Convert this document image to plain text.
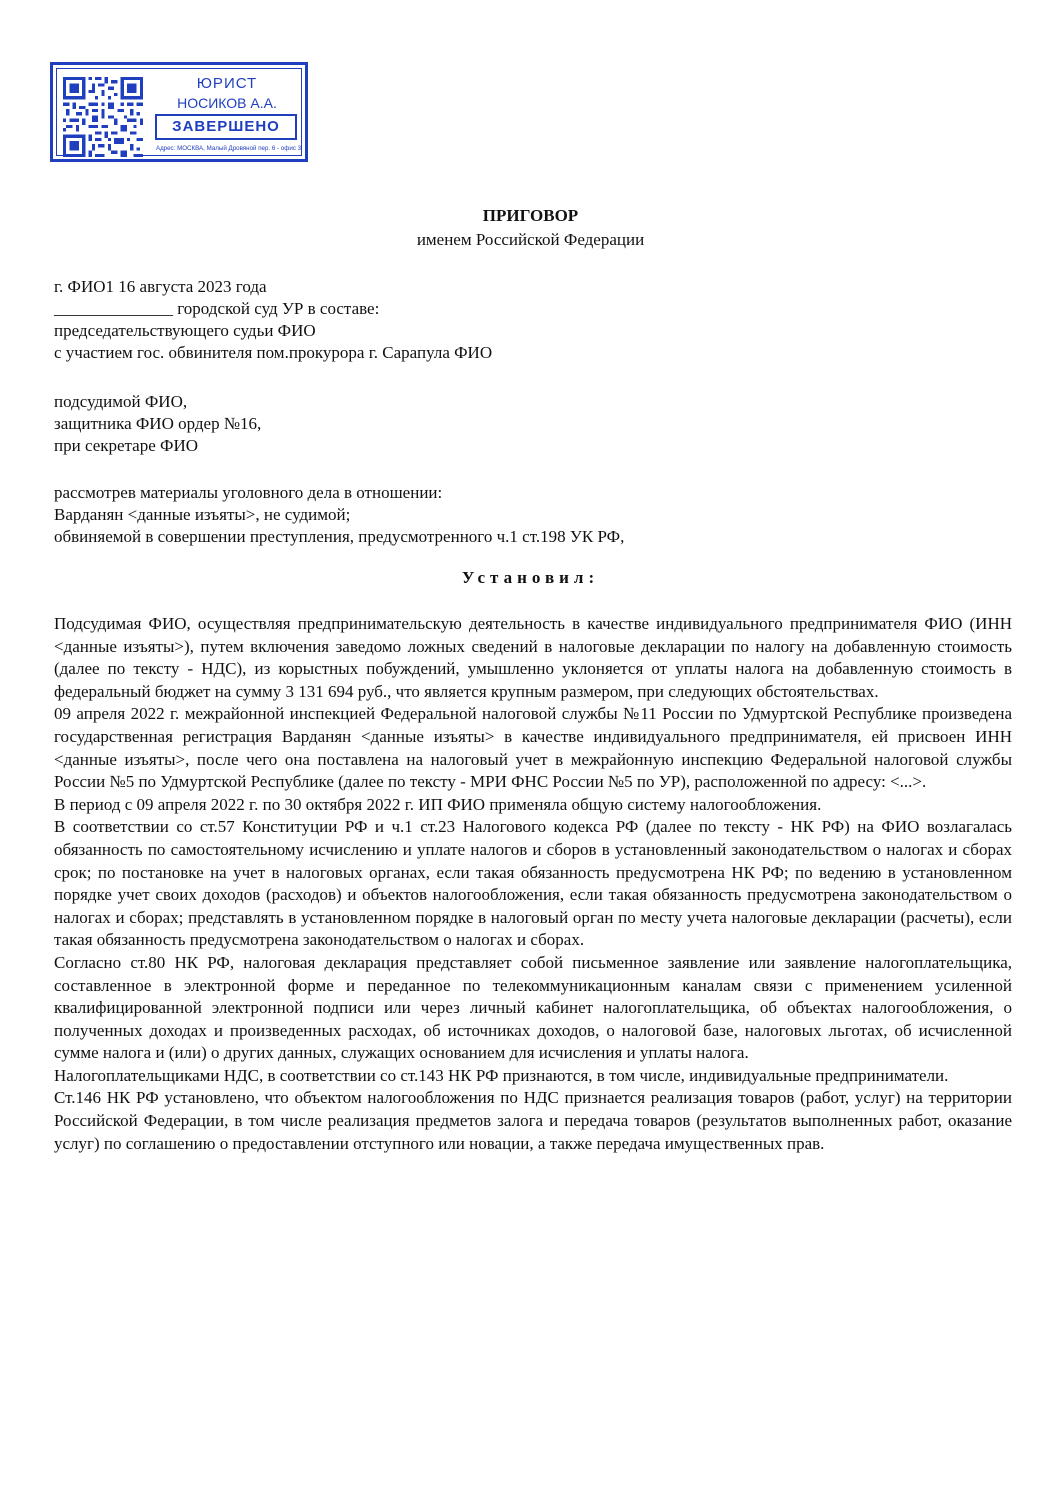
ЮРИСТ
НОСИКОВ А.А.
ЗАВЕРШЕНО
Адрес: МОСКВА, Малый Дровяной пер. 6 - офис 3
ПРИГОВОР
именем Российской Федерации

г. ФИО1 16 августа 2023 года

______________ городской суд УР в составе:

председательствующего судьи ФИО

с участием гос. обвинителя пом.прокурора г. Сарапула ФИО

подсудимой ФИО,

защитника ФИО ордер №16,

при секретаре ФИО

рассмотрев материалы уголовного дела в отношении:

Варданян <данные изъяты>, не судимой;

обвиняемой в совершении преступления, предусмотренного ч.1 ст.198 УК РФ,

Установил:

Подсудимая ФИО, осуществляя предпринимательскую деятельность в качестве индивидуального предпринимателя ФИО (ИНН <данные изъяты>), путем включения заведомо ложных сведений в налоговые декларации по налогу на добавленную стоимость (далее по тексту - НДС), из корыстных побуждений, умышленно уклоняется от уплаты налога на добавленную стоимость в федеральный бюджет на сумму 3 131 694 руб., что является крупным размером, при следующих обстоятельствах.

09 апреля 2022 г. межрайонной инспекцией Федеральной налоговой службы №11 России по Удмуртской Республике произведена государственная регистрация Варданян <данные изъяты> в качестве индивидуального предпринимателя, ей присвоен ИНН <данные изъяты>, после чего она поставлена на налоговый учет в межрайонную инспекцию Федеральной налоговой службы России №5 по Удмуртской Республике (далее по тексту - МРИ ФНС России №5 по УР), расположенной по адресу: <...>.

В период с 09 апреля 2022 г. по 30 октября 2022 г. ИП ФИО применяла общую систему налогообложения.

В соответствии со ст.57 Конституции РФ и ч.1 ст.23 Налогового кодекса РФ (далее по тексту - НК РФ) на ФИО возлагалась обязанность по самостоятельному исчислению и уплате налогов и сборов в установленный законодательством о налогах и сборах срок; по постановке на учет в налоговых органах, если такая обязанность предусмотрена НК РФ; по ведению в установленном порядке учет своих доходов (расходов) и объектов налогообложения, если такая обязанность предусмотрена законодательством о налогах и сборах; представлять в установленном порядке в налоговый орган по месту учета налоговые декларации (расчеты), если такая обязанность предусмотрена законодательством о налогах и сборах.

Согласно ст.80 НК РФ, налоговая декларация представляет собой письменное заявление или заявление налогоплательщика, составленное в электронной форме и переданное по телекоммуникационным каналам связи с применением усиленной квалифицированной электронной подписи или через личный кабинет налогоплательщика, об объектах налогообложения, о полученных доходах и произведенных расходах, об источниках доходов, о налоговой базе, налоговых льготах, об исчисленной сумме налога и (или) о других данных, служащих основанием для исчисления и уплаты налога.

Налогоплательщиками НДС, в соответствии со ст.143 НК РФ признаются, в том числе, индивидуальные предприниматели.

Ст.146 НК РФ установлено, что объектом налогообложения по НДС признается реализация товаров (работ, услуг) на территории Российской Федерации, в том числе реализация предметов залога и передача товаров (результатов выполненных работ, оказание услуг) по соглашению о предоставлении отступного или новации, а также передача имущественных прав.
